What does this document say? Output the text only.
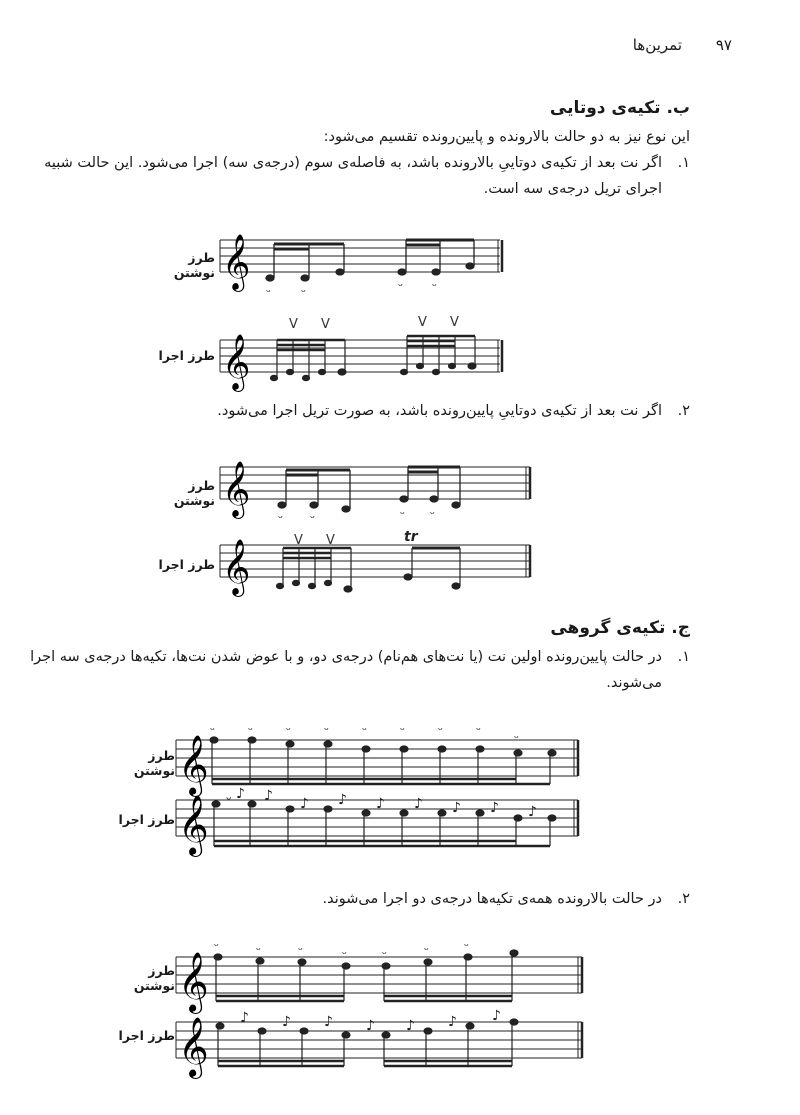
۹۷
تمرین‌ها
ب. تکیه‌ی دوتایی
این نوع نیز به دو حالت بالارونده و پایین‌رونده تقسیم می‌شود:
۱.
اگر نت بعد از تکیه‌ی دوتاییِ بالارونده باشد، به فاصله‌ی سوم (درجه‌ی سه) اجرا می‌شود. این حالت شبیه اجرای تریل درجه‌ی سه است.
طرز نوشتن 𝄞
ᵕ	ᵕ	ᵕ ᵕ
𝄞
V V	V V
طرز اجرا
۲.
اگر نت بعد از تکیه‌ی دوتاییِ پایین‌رونده باشد، به صورت تریل اجرا می‌شود.
طرز نوشتن 𝄞
ᵕ ᵕ	ᵕ ᵕ
𝄞	V V	tr
طرز اجرا
ج. تکیه‌ی گروهی
۱.
در حالت پایین‌رونده اولین نت (یا نت‌های هم‌نام) درجه‌ی دو، و با عوض شدن نت‌ها، تکیه‌ها درجه‌ی سه اجرا می‌شوند.
طرز نوشتن 𝄞
ᵕ	ᵕ	ᵕ	ᵕ	ᵕ	ᵕ	ᵕ	ᵕ
ᵕ
𝄞 ᵕ ♪ ♪ ♪ ♪ ♪ ♪ ♪ ♪ ♪
طرز اجرا
۲.
در حالت بالارونده همه‌ی تکیه‌ها درجه‌ی دو اجرا می‌شوند.
طرز نوشتن 𝄞
ᵕ	ᵕ	ᵕ	ᵕ	ᵕ	ᵕ	ᵕ
𝄞 ♪ ♪ ♪ ♪ ♪ ♪	♪
طرز اجرا
